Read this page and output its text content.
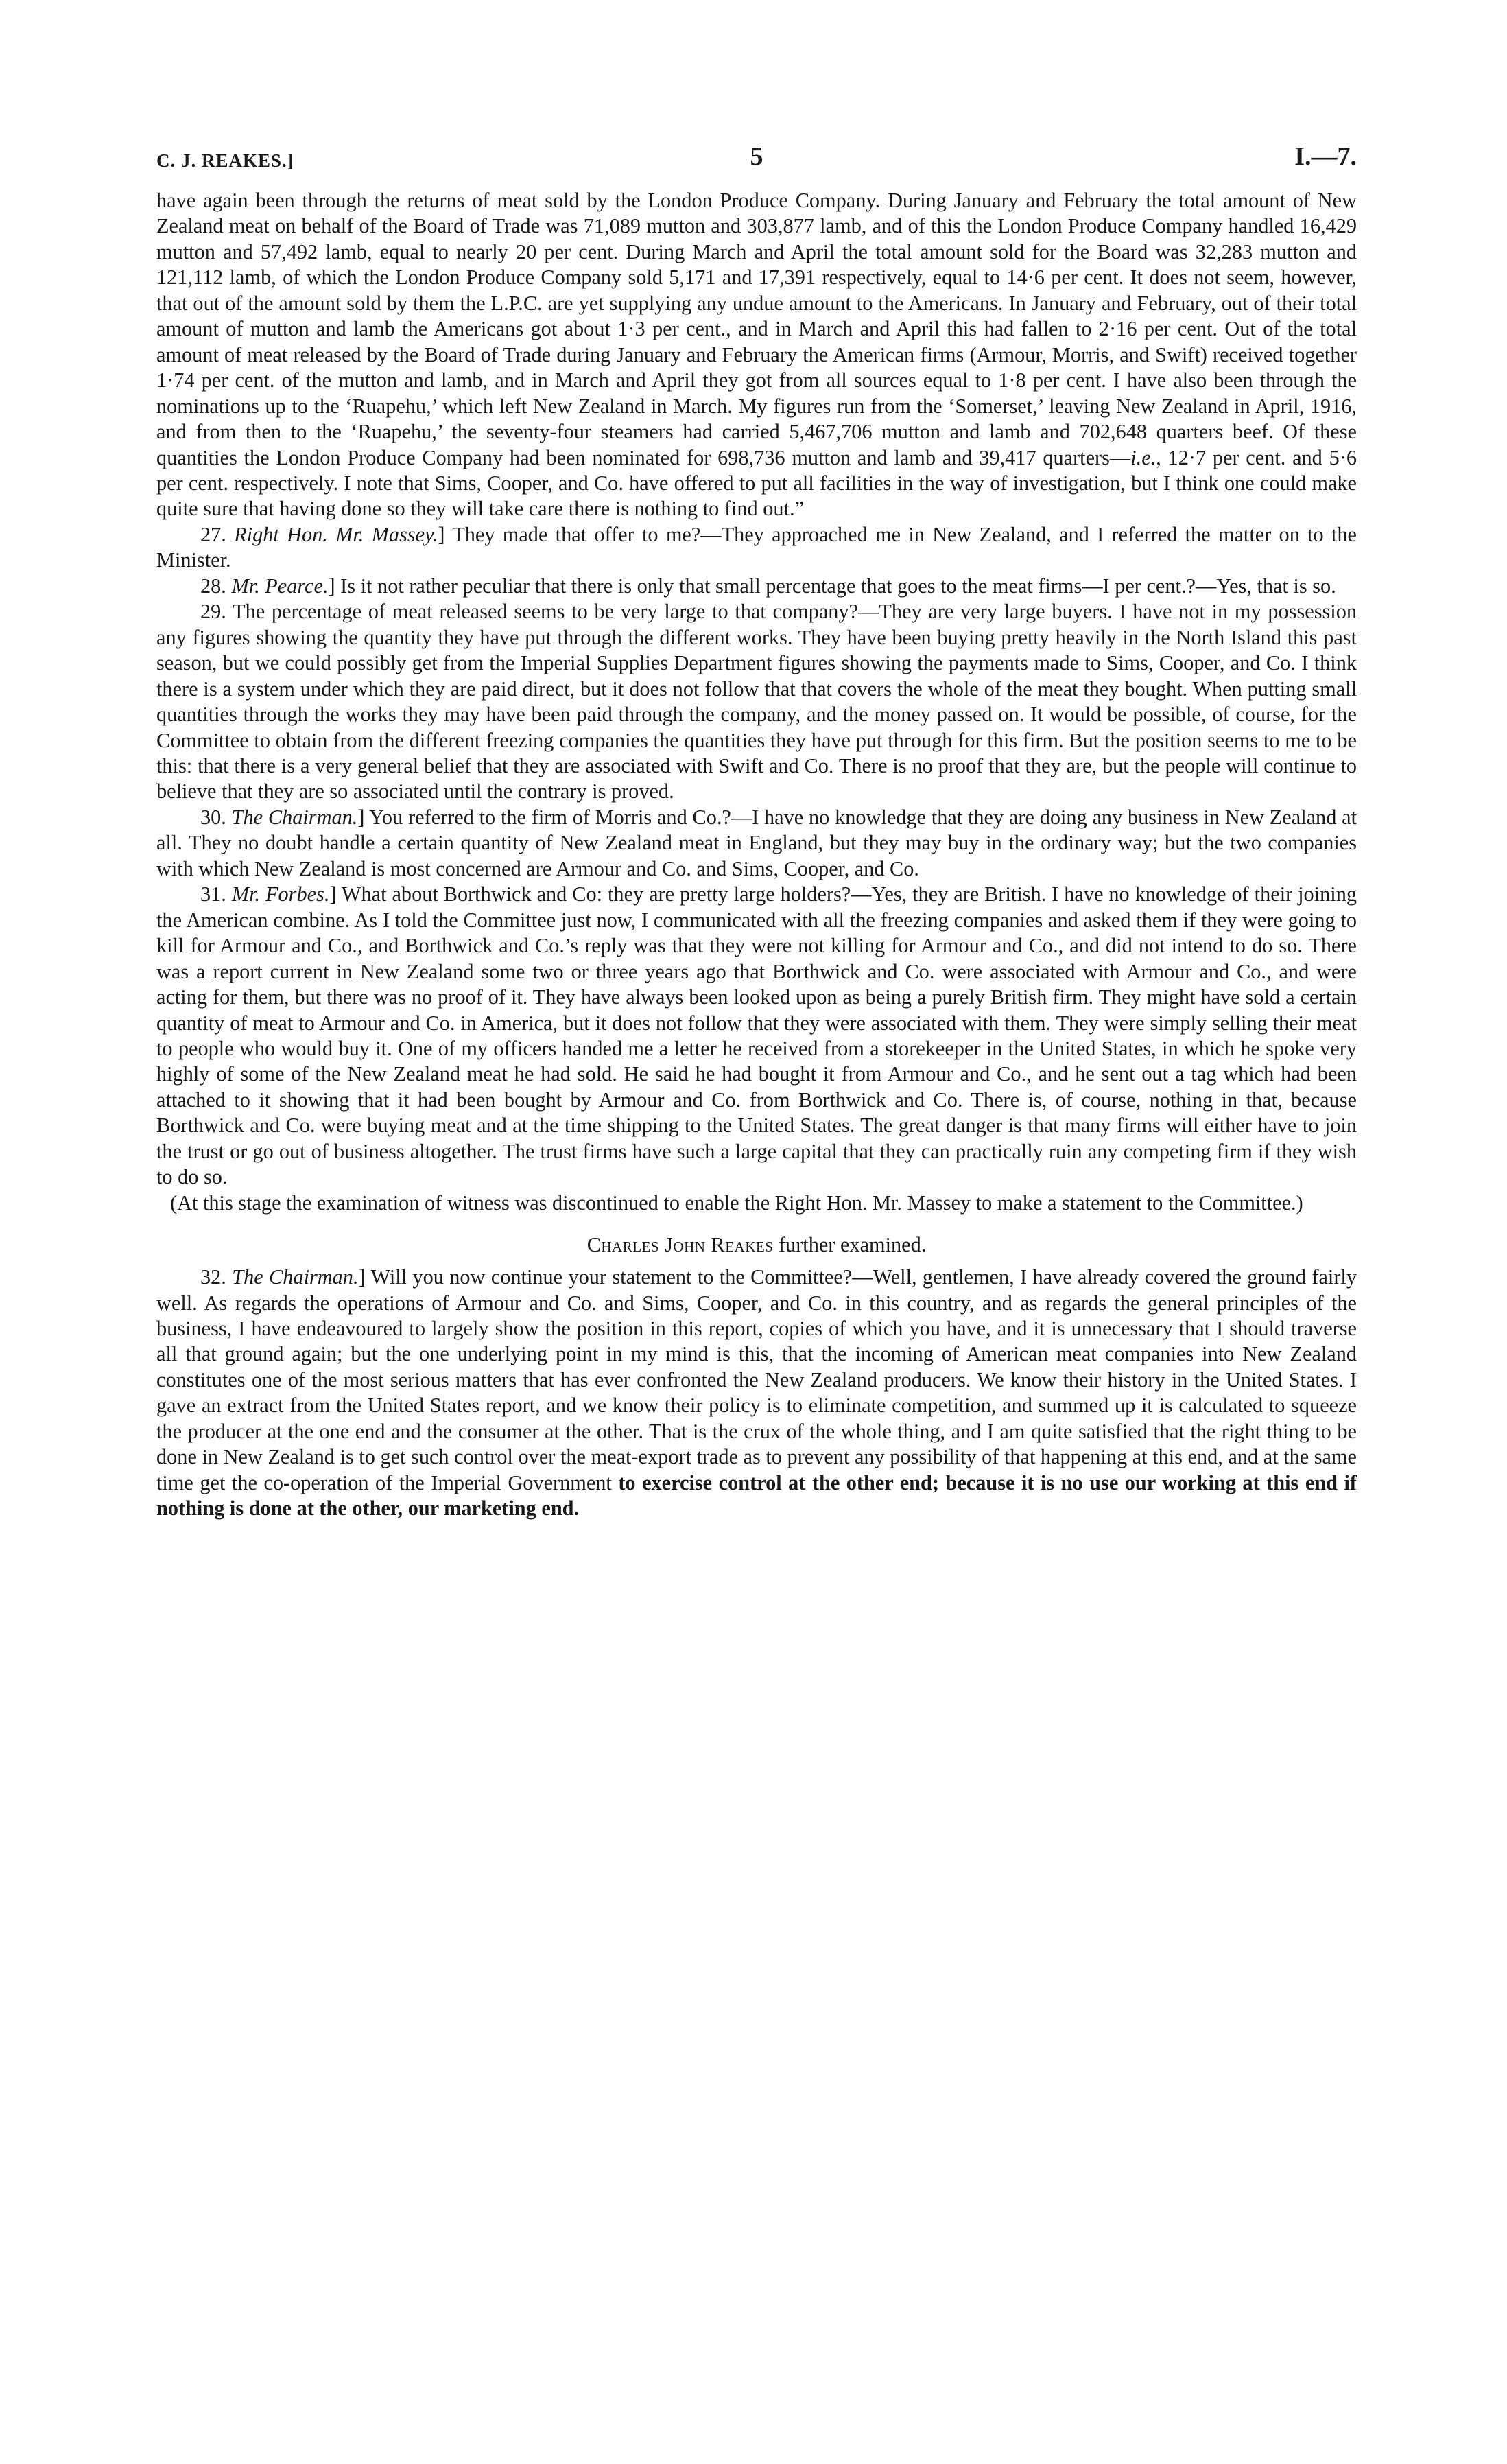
C. J. REAKES.]	5	I.—7.

have again been through the returns of meat sold by the London Produce Company. During January and February the total amount of New Zealand meat on behalf of the Board of Trade was 71,089 mutton and 303,877 lamb, and of this the London Produce Company handled 16,429 mutton and 57,492 lamb, equal to nearly 20 per cent. During March and April the total amount sold for the Board was 32,283 mutton and 121,112 lamb, of which the London Produce Company sold 5,171 and 17,391 respectively, equal to 14·6 per cent. It does not seem, however, that out of the amount sold by them the L.P.C. are yet supplying any undue amount to the Americans. In January and February, out of their total amount of mutton and lamb the Americans got about 1·3 per cent., and in March and April this had fallen to 2·16 per cent. Out of the total amount of meat released by the Board of Trade during January and February the American firms (Armour, Morris, and Swift) received together 1·74 per cent. of the mutton and lamb, and in March and April they got from all sources equal to 1·8 per cent. I have also been through the nominations up to the ‘Ruapehu,’ which left New Zealand in March. My figures run from the ‘Somerset,’ leaving New Zealand in April, 1916, and from then to the ‘Ruapehu,’ the seventy-four steamers had carried 5,467,706 mutton and lamb and 702,648 quarters beef. Of these quantities the London Produce Company had been nominated for 698,736 mutton and lamb and 39,417 quarters—i.e., 12·7 per cent. and 5·6 per cent. respectively. I note that Sims, Cooper, and Co. have offered to put all facilities in the way of investigation, but I think one could make quite sure that having done so they will take care there is nothing to find out.”

27. Right Hon. Mr. Massey.] They made that offer to me?—They approached me in New Zealand, and I referred the matter on to the Minister.

28. Mr. Pearce.] Is it not rather peculiar that there is only that small percentage that goes to the meat firms—I per cent.?—Yes, that is so.

29. The percentage of meat released seems to be very large to that company?—They are very large buyers. I have not in my possession any figures showing the quantity they have put through the different works. They have been buying pretty heavily in the North Island this past season, but we could possibly get from the Imperial Supplies Department figures showing the payments made to Sims, Cooper, and Co. I think there is a system under which they are paid direct, but it does not follow that that covers the whole of the meat they bought. When putting small quantities through the works they may have been paid through the company, and the money passed on. It would be possible, of course, for the Committee to obtain from the different freezing companies the quantities they have put through for this firm. But the position seems to me to be this: that there is a very general belief that they are associated with Swift and Co. There is no proof that they are, but the people will continue to believe that they are so associated until the contrary is proved.

30. The Chairman.] You referred to the firm of Morris and Co.?—I have no knowledge that they are doing any business in New Zealand at all. They no doubt handle a certain quantity of New Zealand meat in England, but they may buy in the ordinary way; but the two companies with which New Zealand is most concerned are Armour and Co. and Sims, Cooper, and Co.

31. Mr. Forbes.] What about Borthwick and Co: they are pretty large holders?—Yes, they are British. I have no knowledge of their joining the American combine. As I told the Committee just now, I communicated with all the freezing companies and asked them if they were going to kill for Armour and Co., and Borthwick and Co.’s reply was that they were not killing for Armour and Co., and did not intend to do so. There was a report current in New Zealand some two or three years ago that Borthwick and Co. were associated with Armour and Co., and were acting for them, but there was no proof of it. They have always been looked upon as being a purely British firm. They might have sold a certain quantity of meat to Armour and Co. in America, but it does not follow that they were associated with them. They were simply selling their meat to people who would buy it. One of my officers handed me a letter he received from a storekeeper in the United States, in which he spoke very highly of some of the New Zealand meat he had sold. He said he had bought it from Armour and Co., and he sent out a tag which had been attached to it showing that it had been bought by Armour and Co. from Borthwick and Co. There is, of course, nothing in that, because Borthwick and Co. were buying meat and at the time shipping to the United States. The great danger is that many firms will either have to join the trust or go out of business altogether. The trust firms have such a large capital that they can practically ruin any competing firm if they wish to do so.

(At this stage the examination of witness was discontinued to enable the Right Hon. Mr. Massey to make a statement to the Committee.)

Charles John Reakes further examined.

32. The Chairman.] Will you now continue your statement to the Committee?—Well, gentlemen, I have already covered the ground fairly well. As regards the operations of Armour and Co. and Sims, Cooper, and Co. in this country, and as regards the general principles of the business, I have endeavoured to largely show the position in this report, copies of which you have, and it is unnecessary that I should traverse all that ground again; but the one underlying point in my mind is this, that the incoming of American meat companies into New Zealand constitutes one of the most serious matters that has ever confronted the New Zealand producers. We know their history in the United States. I gave an extract from the United States report, and we know their policy is to eliminate competition, and summed up it is calculated to squeeze the producer at the one end and the consumer at the other. That is the crux of the whole thing, and I am quite satisfied that the right thing to be done in New Zealand is to get such control over the meat-export trade as to prevent any possibility of that happening at this end, and at the same time get the co-operation of the Imperial Government to exercise control at the other end; because it is no use our working at this end if nothing is done at the other, our marketing end.
